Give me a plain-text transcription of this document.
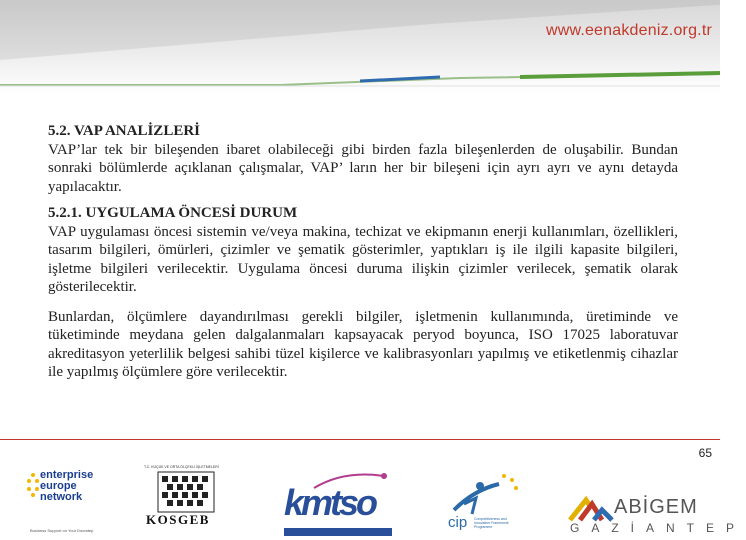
www.eenakdeniz.org.tr

5.2. VAP ANALİZLERİ

VAP’lar tek bir bileşenden ibaret olabileceği gibi birden fazla bileşenlerden de oluşabilir. Bundan sonraki bölümlerde açıklanan çalışmalar, VAP’ ların her bir bileşeni için ayrı ayrı ve aynı detayda yapılacaktır.

5.2.1. UYGULAMA ÖNCESİ DURUM

VAP uygulaması öncesi sistemin ve/veya makina, techizat ve ekipmanın enerji kullanımları, özellikleri, tasarım bilgileri, ömürleri, çizimler ve şematik gösterimler, yaptıkları iş ile ilgili kapasite bilgileri, işletme bilgileri verilecektir. Uygulama öncesi duruma ilişkin çizimler verilecek, şematik olarak gösterilecektir.

Bunlardan, ölçümlere dayandırılması gerekli bilgiler, işletmenin kullanımında, üretiminde ve tüketiminde meydana gelen dalgalanmaları kapsayacak peryod boyunca, ISO 17025 laboratuvar akreditasyon yeterlilik belgesi sahibi tüzel kişilerce ve kalibrasyonları yapılmış ve etiketlenmiş cihazlar ile yapılmış ölçümlere göre verilecektir.

65
enterprise
europe
network
Business Support on Your Doorstep
T.C. KÜÇÜK VE ORTA ÖLÇEKLİ İŞLETMELERİ
KOSGEB kmtso	cip Competitiveness and Innovation Framework Programme
ABİGEM
GAZİANTEP
